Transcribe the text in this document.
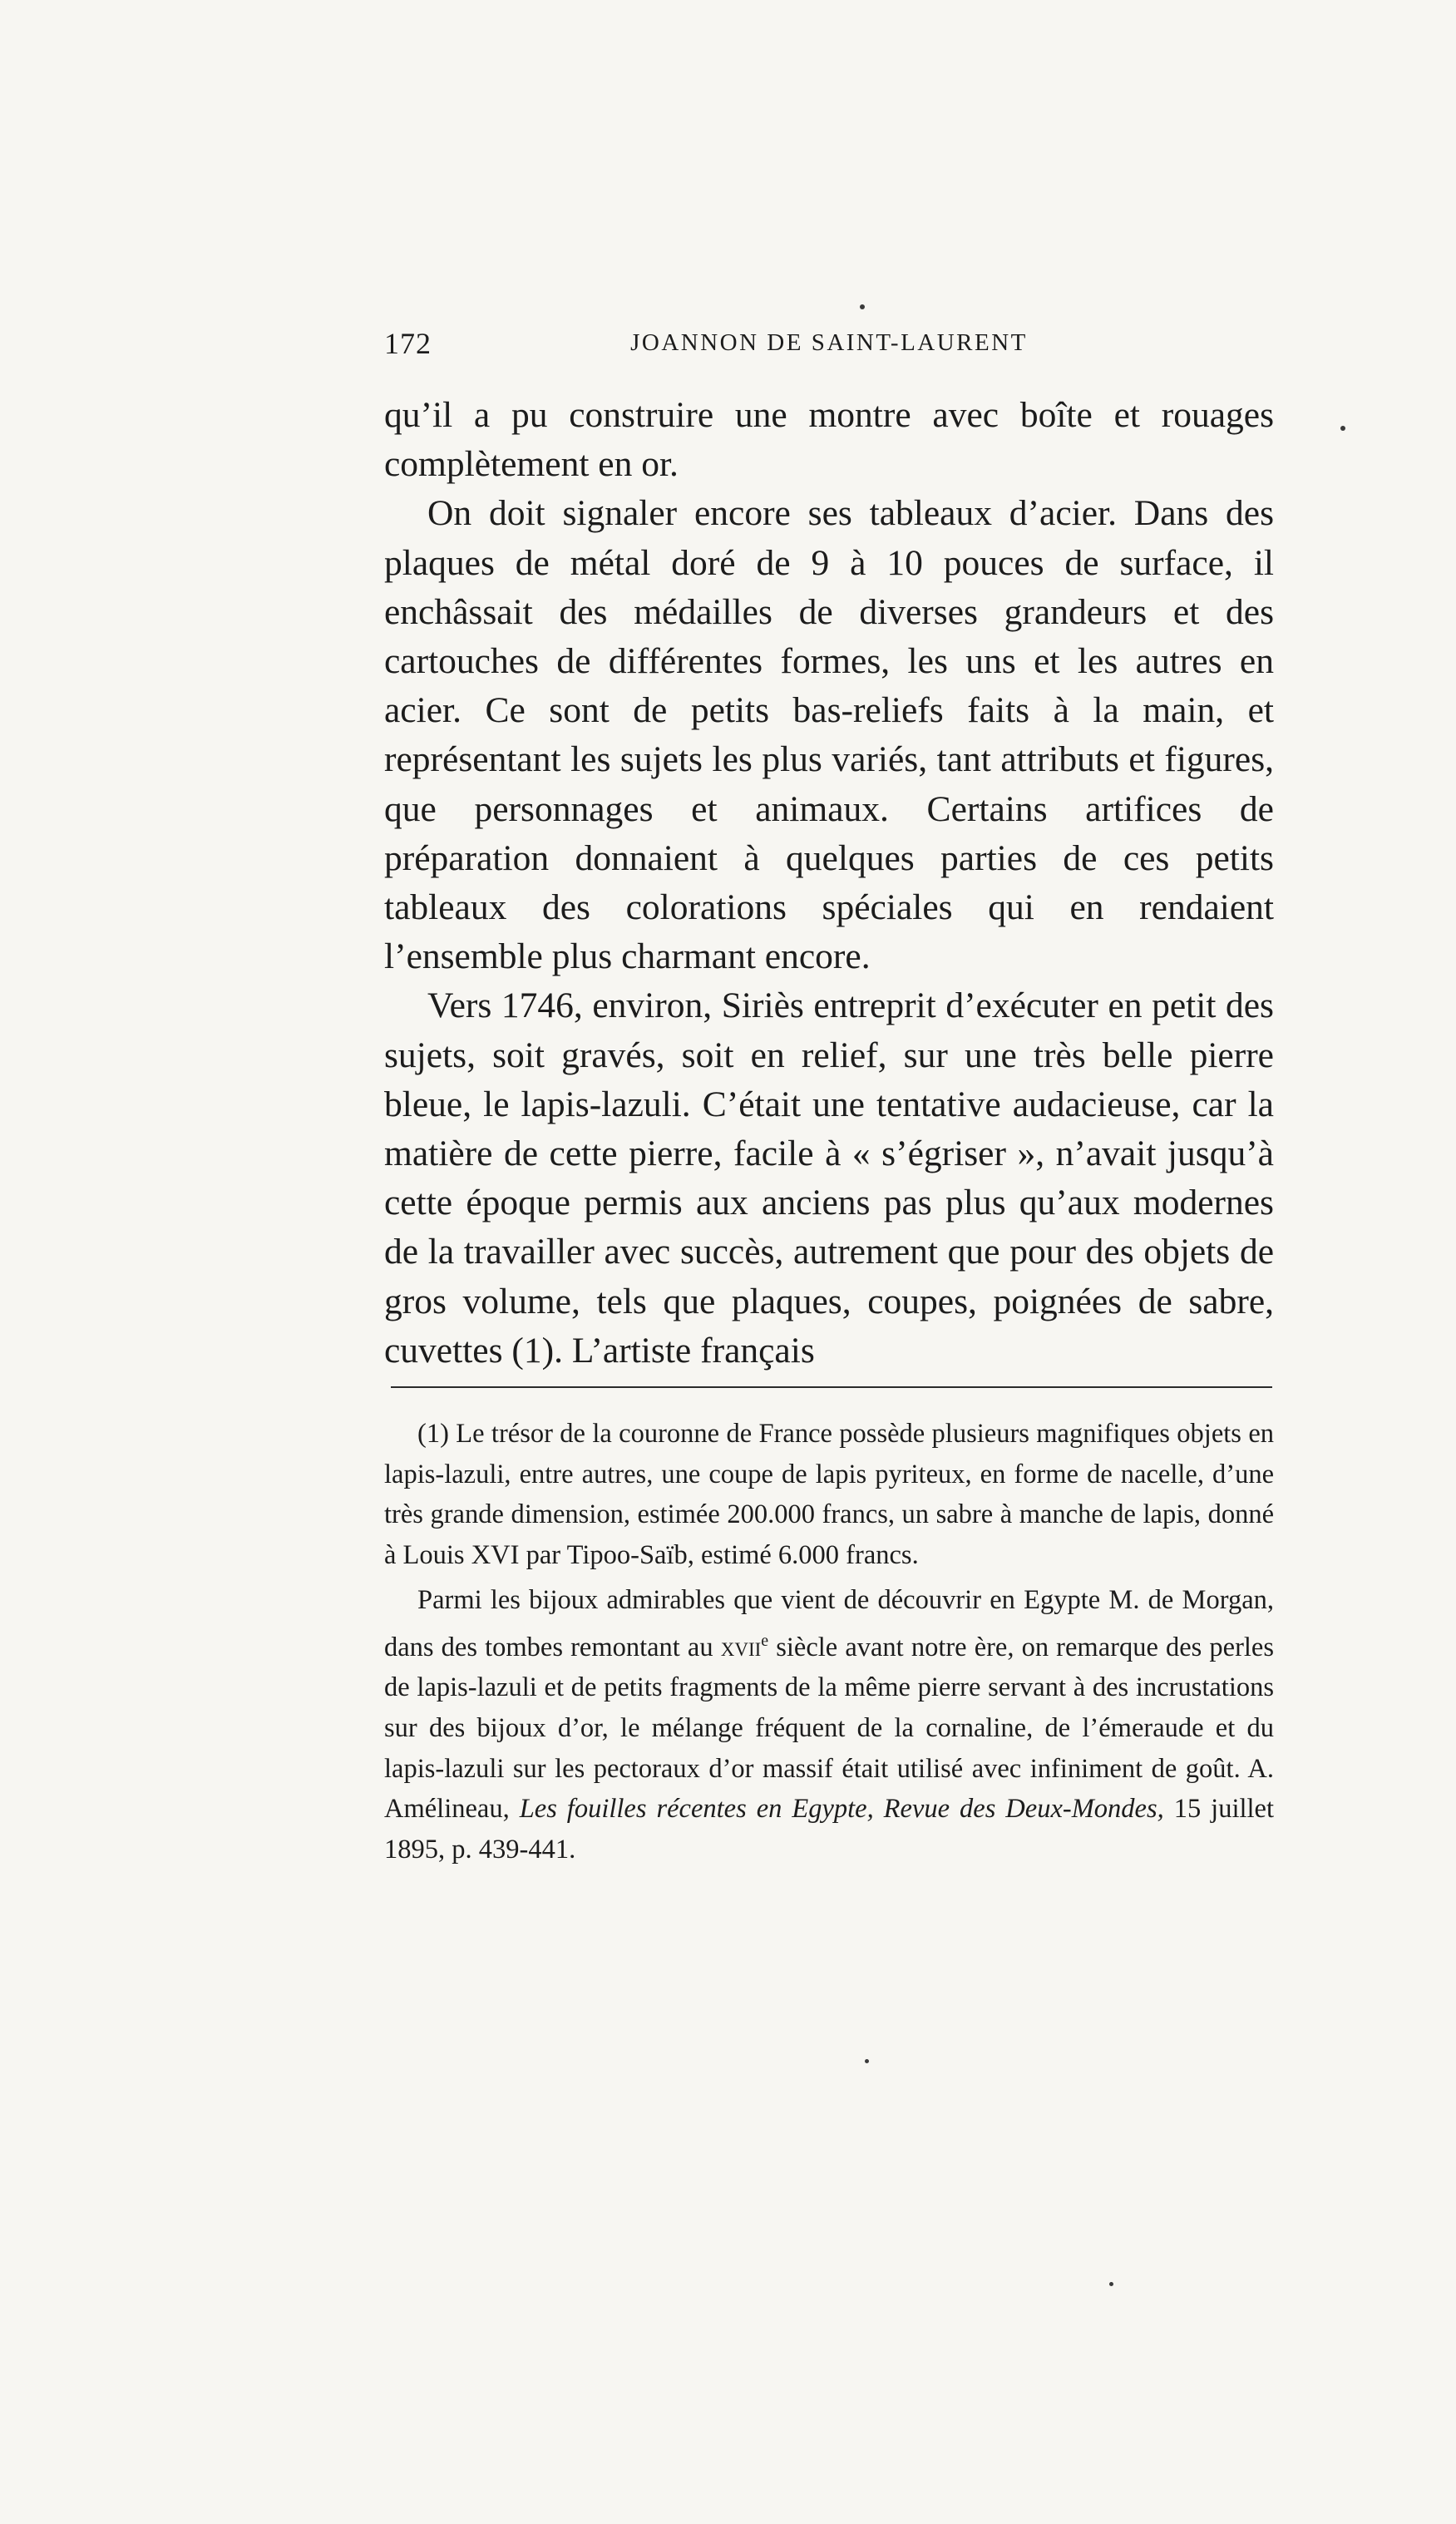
172	JOANNON DE SAINT-LAURENT

qu’il a pu construire une montre avec boîte et rouages complètement en or.

On doit signaler encore ses tableaux d’acier. Dans des plaques de métal doré de 9 à 10 pouces de surface, il enchâssait des médailles de diverses grandeurs et des cartouches de différentes formes, les uns et les autres en acier. Ce sont de petits bas-reliefs faits à la main, et représentant les sujets les plus variés, tant attributs et figures, que personnages et animaux. Certains artifices de préparation donnaient à quelques parties de ces petits tableaux des colorations spéciales qui en rendaient l’ensemble plus charmant encore.

Vers 1746, environ, Siriès entreprit d’exécuter en petit des sujets, soit gravés, soit en relief, sur une très belle pierre bleue, le lapis-lazuli. C’était une tentative audacieuse, car la matière de cette pierre, facile à « s’égriser », n’avait jusqu’à cette époque permis aux anciens pas plus qu’aux modernes de la travailler avec succès, autrement que pour des objets de gros volume, tels que plaques, coupes, poignées de sabre, cuvettes (1). L’artiste français

(1) Le trésor de la couronne de France possède plusieurs magnifiques objets en lapis-lazuli, entre autres, une coupe de lapis pyriteux, en forme de nacelle, d’une très grande dimension, estimée 200.000 francs, un sabre à manche de lapis, donné à Louis XVI par Tipoo-Saïb, estimé 6.000 francs.

Parmi les bijoux admirables que vient de découvrir en Egypte M. de Morgan, dans des tombes remontant au xvii$^e$ siècle avant notre ère, on remarque des perles de lapis-lazuli et de petits fragments de la même pierre servant à des incrustations sur des bijoux d’or, le mélange fréquent de la cornaline, de l’émeraude et du lapis-lazuli sur les pectoraux d’or massif était utilisé avec infiniment de goût. A. Amélineau, Les fouilles récentes en Egypte, Revue des Deux-Mondes, 15 juillet 1895, p. 439-441.
